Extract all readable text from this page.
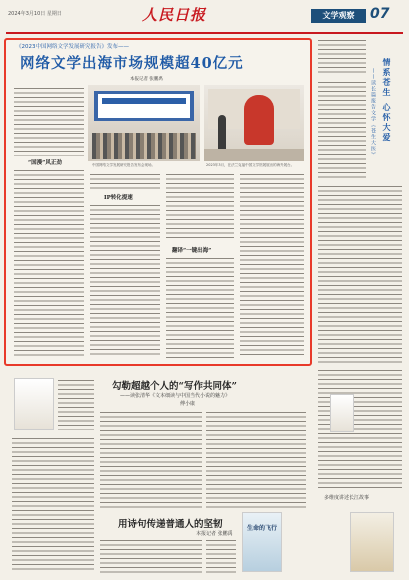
2024年3月10日 星期日	人民日报	文学观察	07
《2023中国网络文学发展研究报告》发布——
网络文学出海市场规模超40亿元
本报记者 张鹏禹
“国漫”风正劲	中国网络文学发展研究报告发布会现场。	2023年3月，在法兰克福中国文学馆展展出的海外展台。
IP转化提速
翻译“一键出海”
情系苍生 心怀大爱
——读长篇报告文学《苍生大医》
勾勒超越个人的“写作共同体”
——读张清华《文本细读与中国当代小说的魅力》
傅小康
用诗句传递普通人的坚韧
本报记者 张鹏禹
生命的飞行
多维度讲述长江故事
